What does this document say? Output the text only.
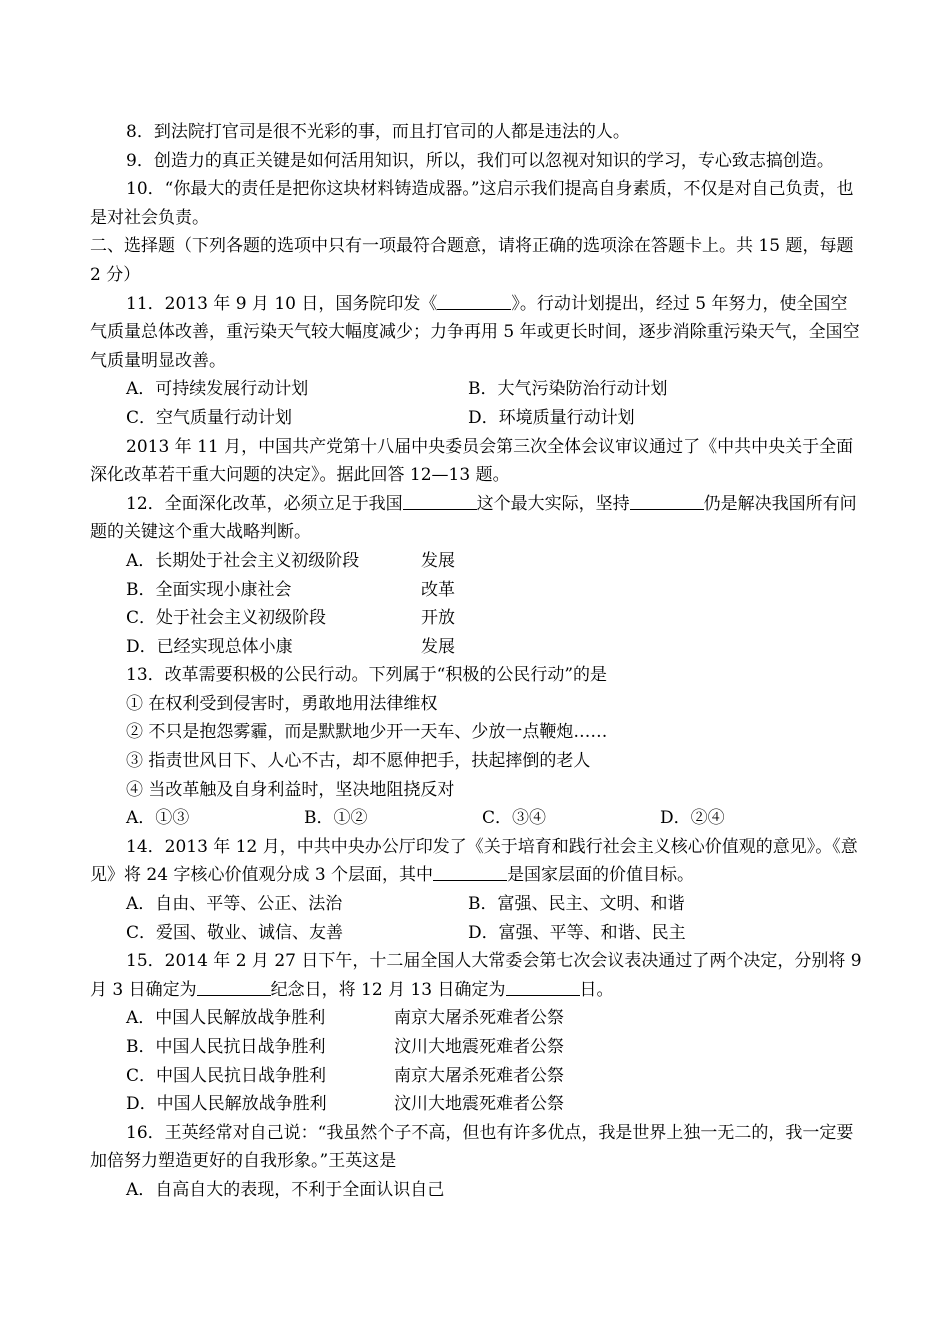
8．到法院打官司是很不光彩的事，而且打官司的人都是违法的人。

9．创造力的真正关键是如何活用知识，所以，我们可以忽视对知识的学习，专心致志搞创造。

10．“你最大的责任是把你这块材料铸造成器。”这启示我们提高自身素质，不仅是对自己负责，也是对社会负责。

二、选择题（下列各题的选项中只有一项最符合题意，请将正确的选项涂在答题卡上。共 15 题，每题 2 分）

11．2013 年 9 月 10 日，国务院印发《	》。行动计划提出，经过 5 年努力，使全国空气质量总体改善，重污染天气较大幅度减少；力争再用 5 年或更长时间，逐步消除重污染天气，全国空气质量明显改善。

A．可持续发展行动计划	B．大气污染防治行动计划
C．空气质量行动计划	D．环境质量行动计划

2013 年 11 月，中国共产党第十八届中央委员会第三次全体会议审议通过了《中共中央关于全面深化改革若干重大问题的决定》。据此回答 12—13 题。

12．全面深化改革，必须立足于我国	这个最大实际，坚持	仍是解决我国所有问题的关键这个重大战略判断。

A．长期处于社会主义初级阶段	发展
B．全面实现小康社会	改革
C．处于社会主义初级阶段	开放
D．已经实现总体小康	发展

13．改革需要积极的公民行动。下列属于“积极的公民行动”的是

① 在权利受到侵害时，勇敢地用法律维权

② 不只是抱怨雾霾，而是默默地少开一天车、少放一点鞭炮……

③ 指责世风日下、人心不古，却不愿伸把手，扶起摔倒的老人

④ 当改革触及自身利益时，坚决地阻挠反对

A．①③	B．①②	C．③④	D．②④

14．2013 年 12 月，中共中央办公厅印发了《关于培育和践行社会主义核心价值观的意见》。《意见》将 24 字核心价值观分成 3 个层面，其中	是国家层面的价值目标。

A．自由、平等、公正、法治	B．富强、民主、文明、和谐
C．爱国、敬业、诚信、友善	D．富强、平等、和谐、民主

15．2014 年 2 月 27 日下午，十二届全国人大常委会第七次会议表决通过了两个决定，分别将 9 月 3 日确定为	纪念日，将 12 月 13 日确定为	日。

A．中国人民解放战争胜利	南京大屠杀死难者公祭
B．中国人民抗日战争胜利	汶川大地震死难者公祭
C．中国人民抗日战争胜利	南京大屠杀死难者公祭
D．中国人民解放战争胜利	汶川大地震死难者公祭

16．王英经常对自己说：“我虽然个子不高，但也有许多优点，我是世界上独一无二的，我一定要加倍努力塑造更好的自我形象。”王英这是

A．自高自大的表现，不利于全面认识自己
